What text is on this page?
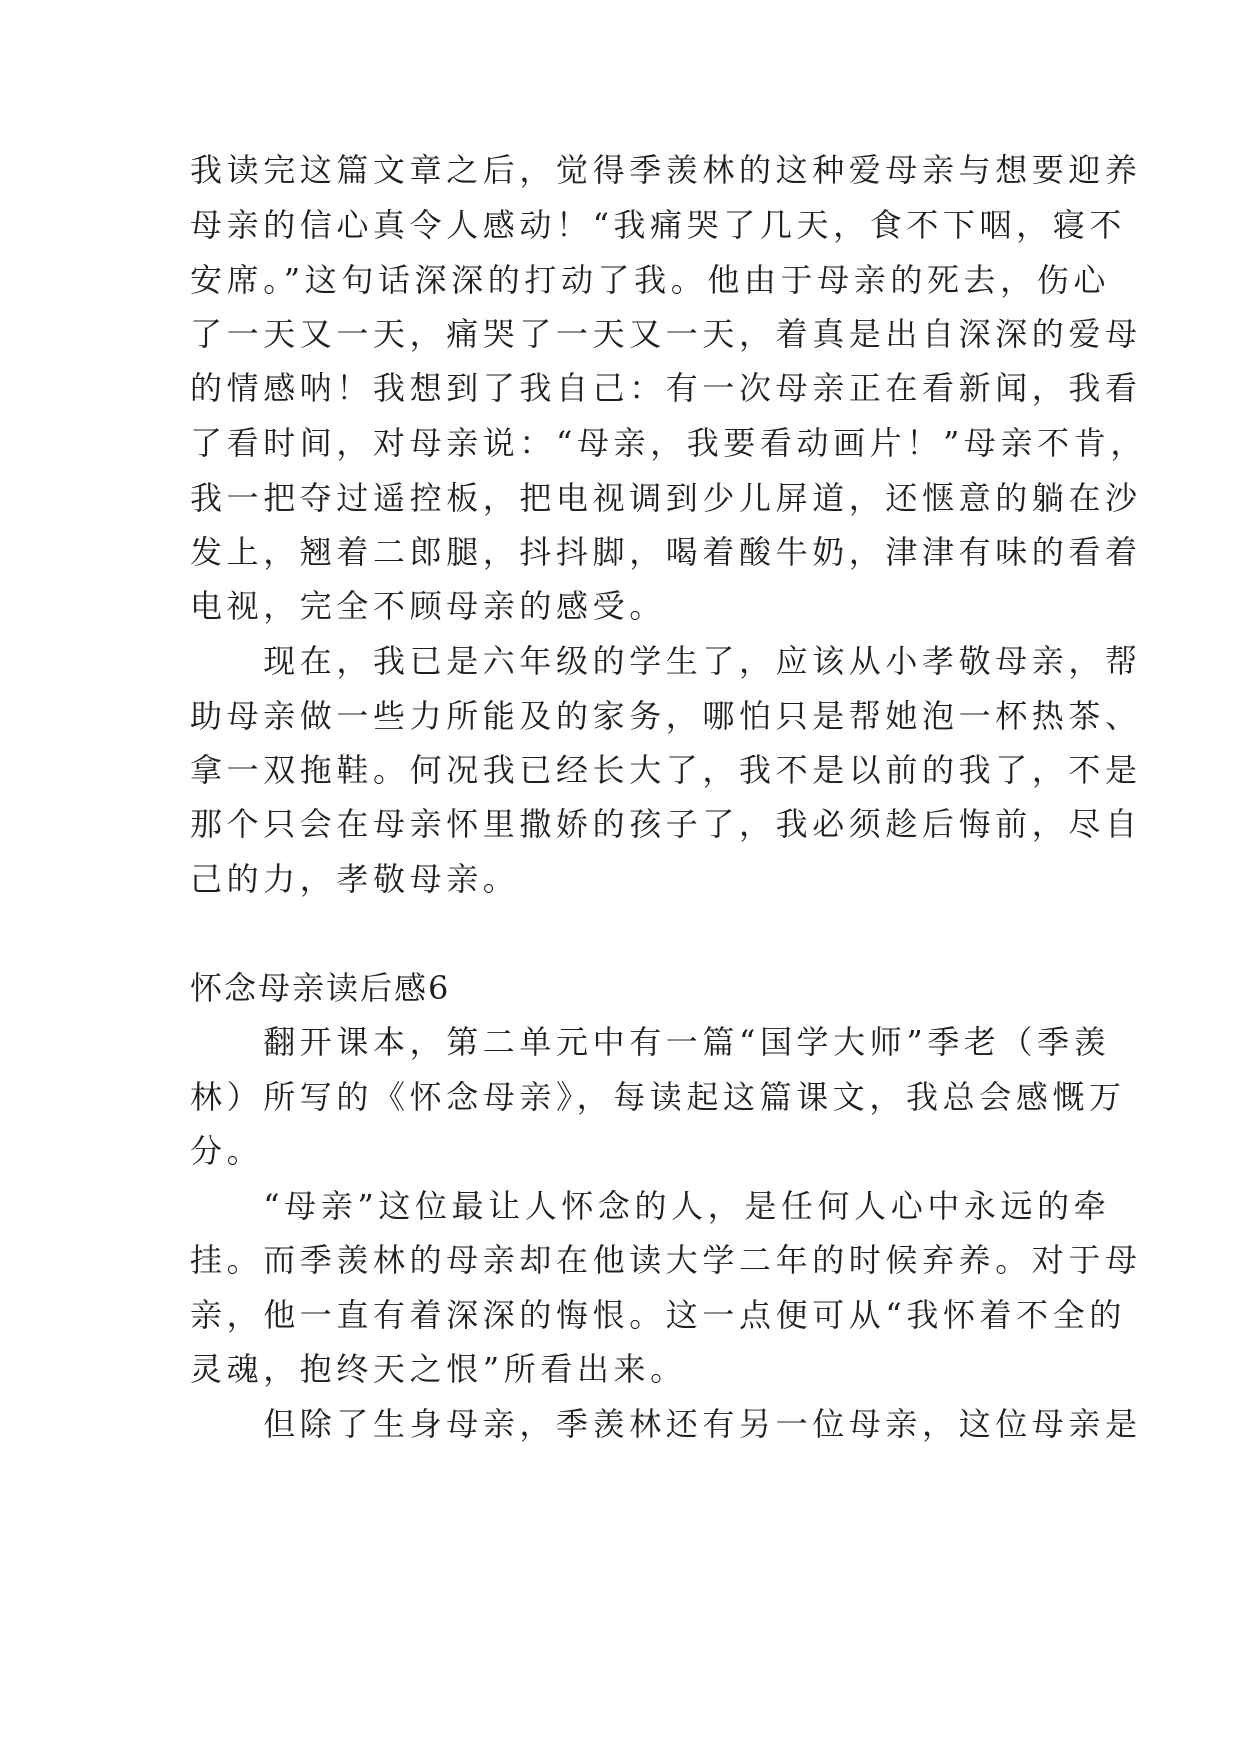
我读完这篇文章之后，觉得季羡林的这种爱母亲与想要迎养
母亲的信心真令人感动！“我痛哭了几天，食不下咽，寝不
安席。”这句话深深的打动了我。他由于母亲的死去，伤心
了一天又一天，痛哭了一天又一天，着真是出自深深的爱母
的情感呐！我想到了我自己：有一次母亲正在看新闻，我看
了看时间，对母亲说：“母亲，我要看动画片！”母亲不肯，
我一把夺过遥控板，把电视调到少儿屏道，还惬意的躺在沙
发上，翘着二郎腿，抖抖脚，喝着酸牛奶，津津有味的看着
电视，完全不顾母亲的感受。
　　现在，我已是六年级的学生了，应该从小孝敬母亲，帮
助母亲做一些力所能及的家务，哪怕只是帮她泡一杯热茶、
拿一双拖鞋。何况我已经长大了，我不是以前的我了，不是
那个只会在母亲怀里撒娇的孩子了，我必须趁后悔前，尽自
己的力，孝敬母亲。
怀念母亲读后感6
　　翻开课本，第二单元中有一篇“国学大师”季老（季羡
林）所写的《怀念母亲》，每读起这篇课文，我总会感慨万
分。
　　“母亲”这位最让人怀念的人，是任何人心中永远的牵
挂。而季羡林的母亲却在他读大学二年的时候弃养。对于母
亲，他一直有着深深的悔恨。这一点便可从“我怀着不全的
灵魂，抱终天之恨”所看出来。
　　但除了生身母亲，季羡林还有另一位母亲，这位母亲是
